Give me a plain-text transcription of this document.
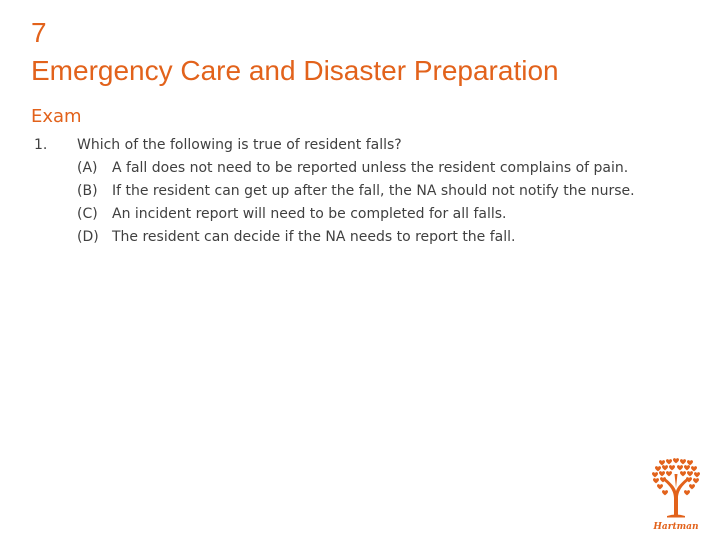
7
Emergency Care and Disaster Preparation
Exam
1. Which of the following is true of resident falls?
(A)	A fall does not need to be reported unless the resident complains of pain.
(B)	If the resident can get up after the fall, the NA should not notify the nurse.
(C)	An incident report will need to be completed for all falls.
(D) The resident can decide if the NA needs to report the fall.
Hartman
